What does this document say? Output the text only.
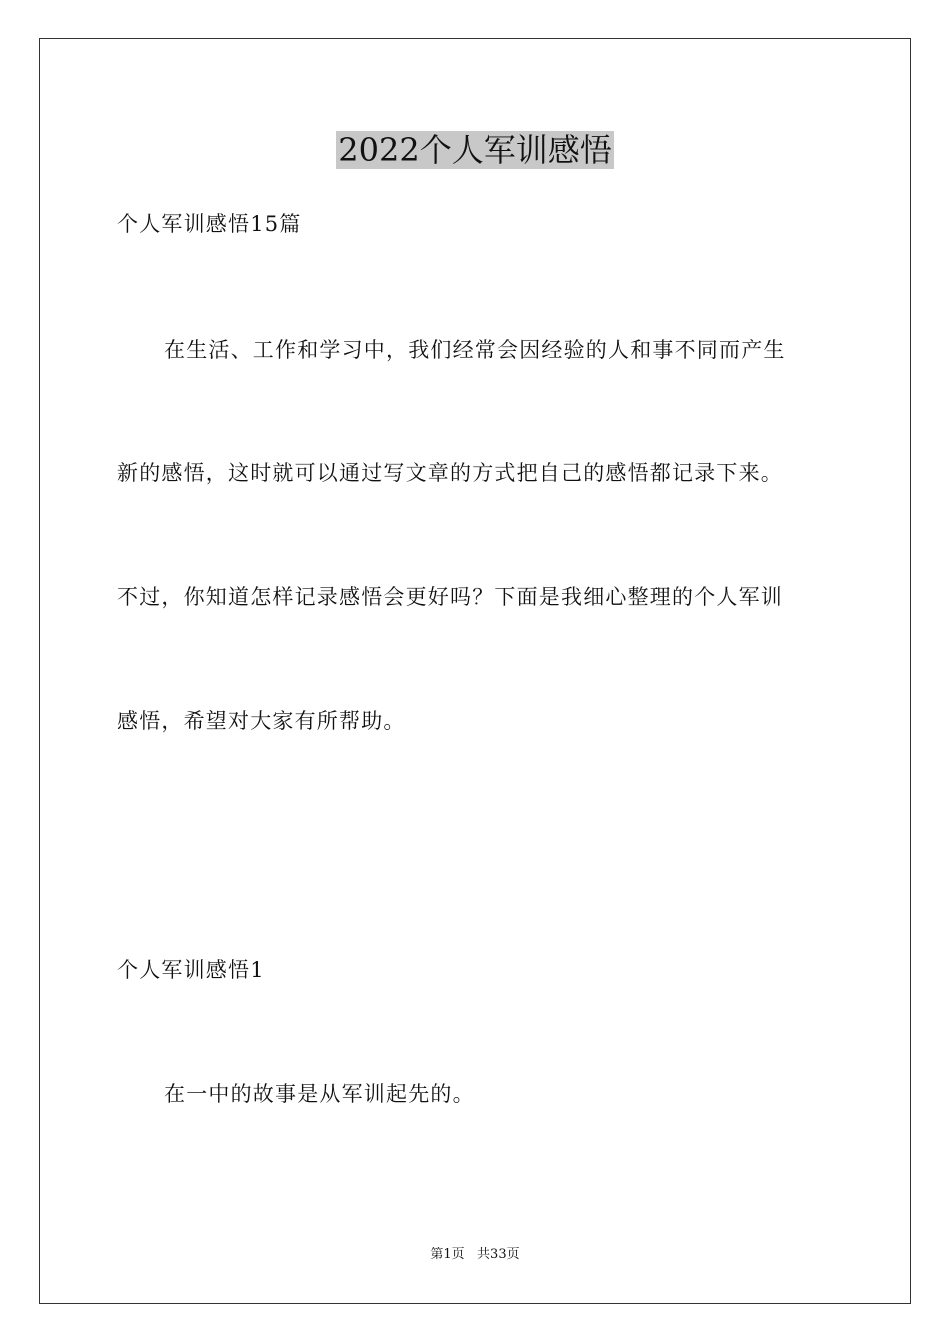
2022个人军训感悟

个人军训感悟15篇

在生活、工作和学习中，我们经常会因经验的人和事不同而产生

新的感悟，这时就可以通过写文章的方式把自己的感悟都记录下来。

不过，你知道怎样记录感悟会更好吗？下面是我细心整理的个人军训

感悟，希望对大家有所帮助。

个人军训感悟1

在一中的故事是从军训起先的。

第1页   共33页
